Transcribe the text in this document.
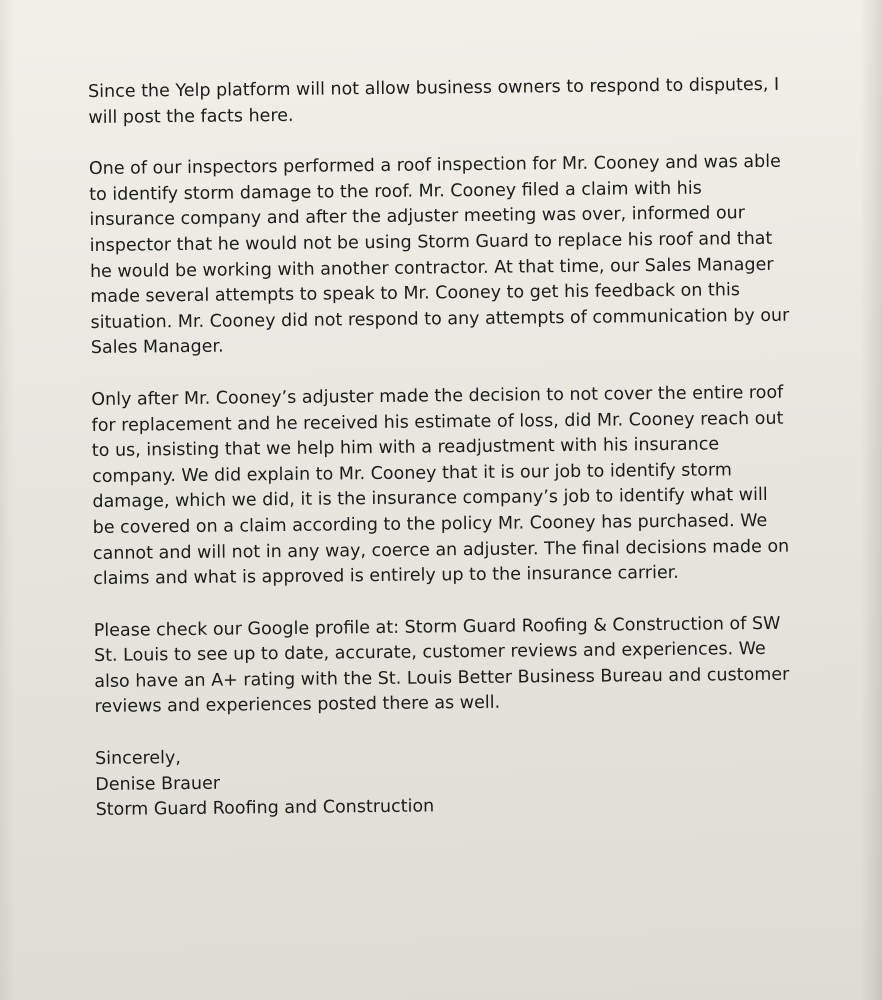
Since the Yelp platform will not allow business owners to respond to disputes, I will post the facts here.

One of our inspectors performed a roof inspection for Mr. Cooney and was able to identify storm damage to the roof. Mr. Cooney filed a claim with his insurance company and after the adjuster meeting was over, informed our inspector that he would not be using Storm Guard to replace his roof and that he would be working with another contractor. At that time, our Sales Manager made several attempts to speak to Mr. Cooney to get his feedback on this situation. Mr. Cooney did not respond to any attempts of communication by our Sales Manager.

Only after Mr. Cooney’s adjuster made the decision to not cover the entire roof for replacement and he received his estimate of loss, did Mr. Cooney reach out to us, insisting that we help him with a readjustment with his insurance company. We did explain to Mr. Cooney that it is our job to identify storm damage, which we did, it is the insurance company’s job to identify what will be covered on a claim according to the policy Mr. Cooney has purchased. We cannot and will not in any way, coerce an adjuster. The final decisions made on claims and what is approved is entirely up to the insurance carrier.

Please check our Google profile at: Storm Guard Roofing & Construction of SW St. Louis to see up to date, accurate, customer reviews and experiences. We also have an A+ rating with the St. Louis Better Business Bureau and customer reviews and experiences posted there as well.

Sincerely,
Denise Brauer
Storm Guard Roofing and Construction
